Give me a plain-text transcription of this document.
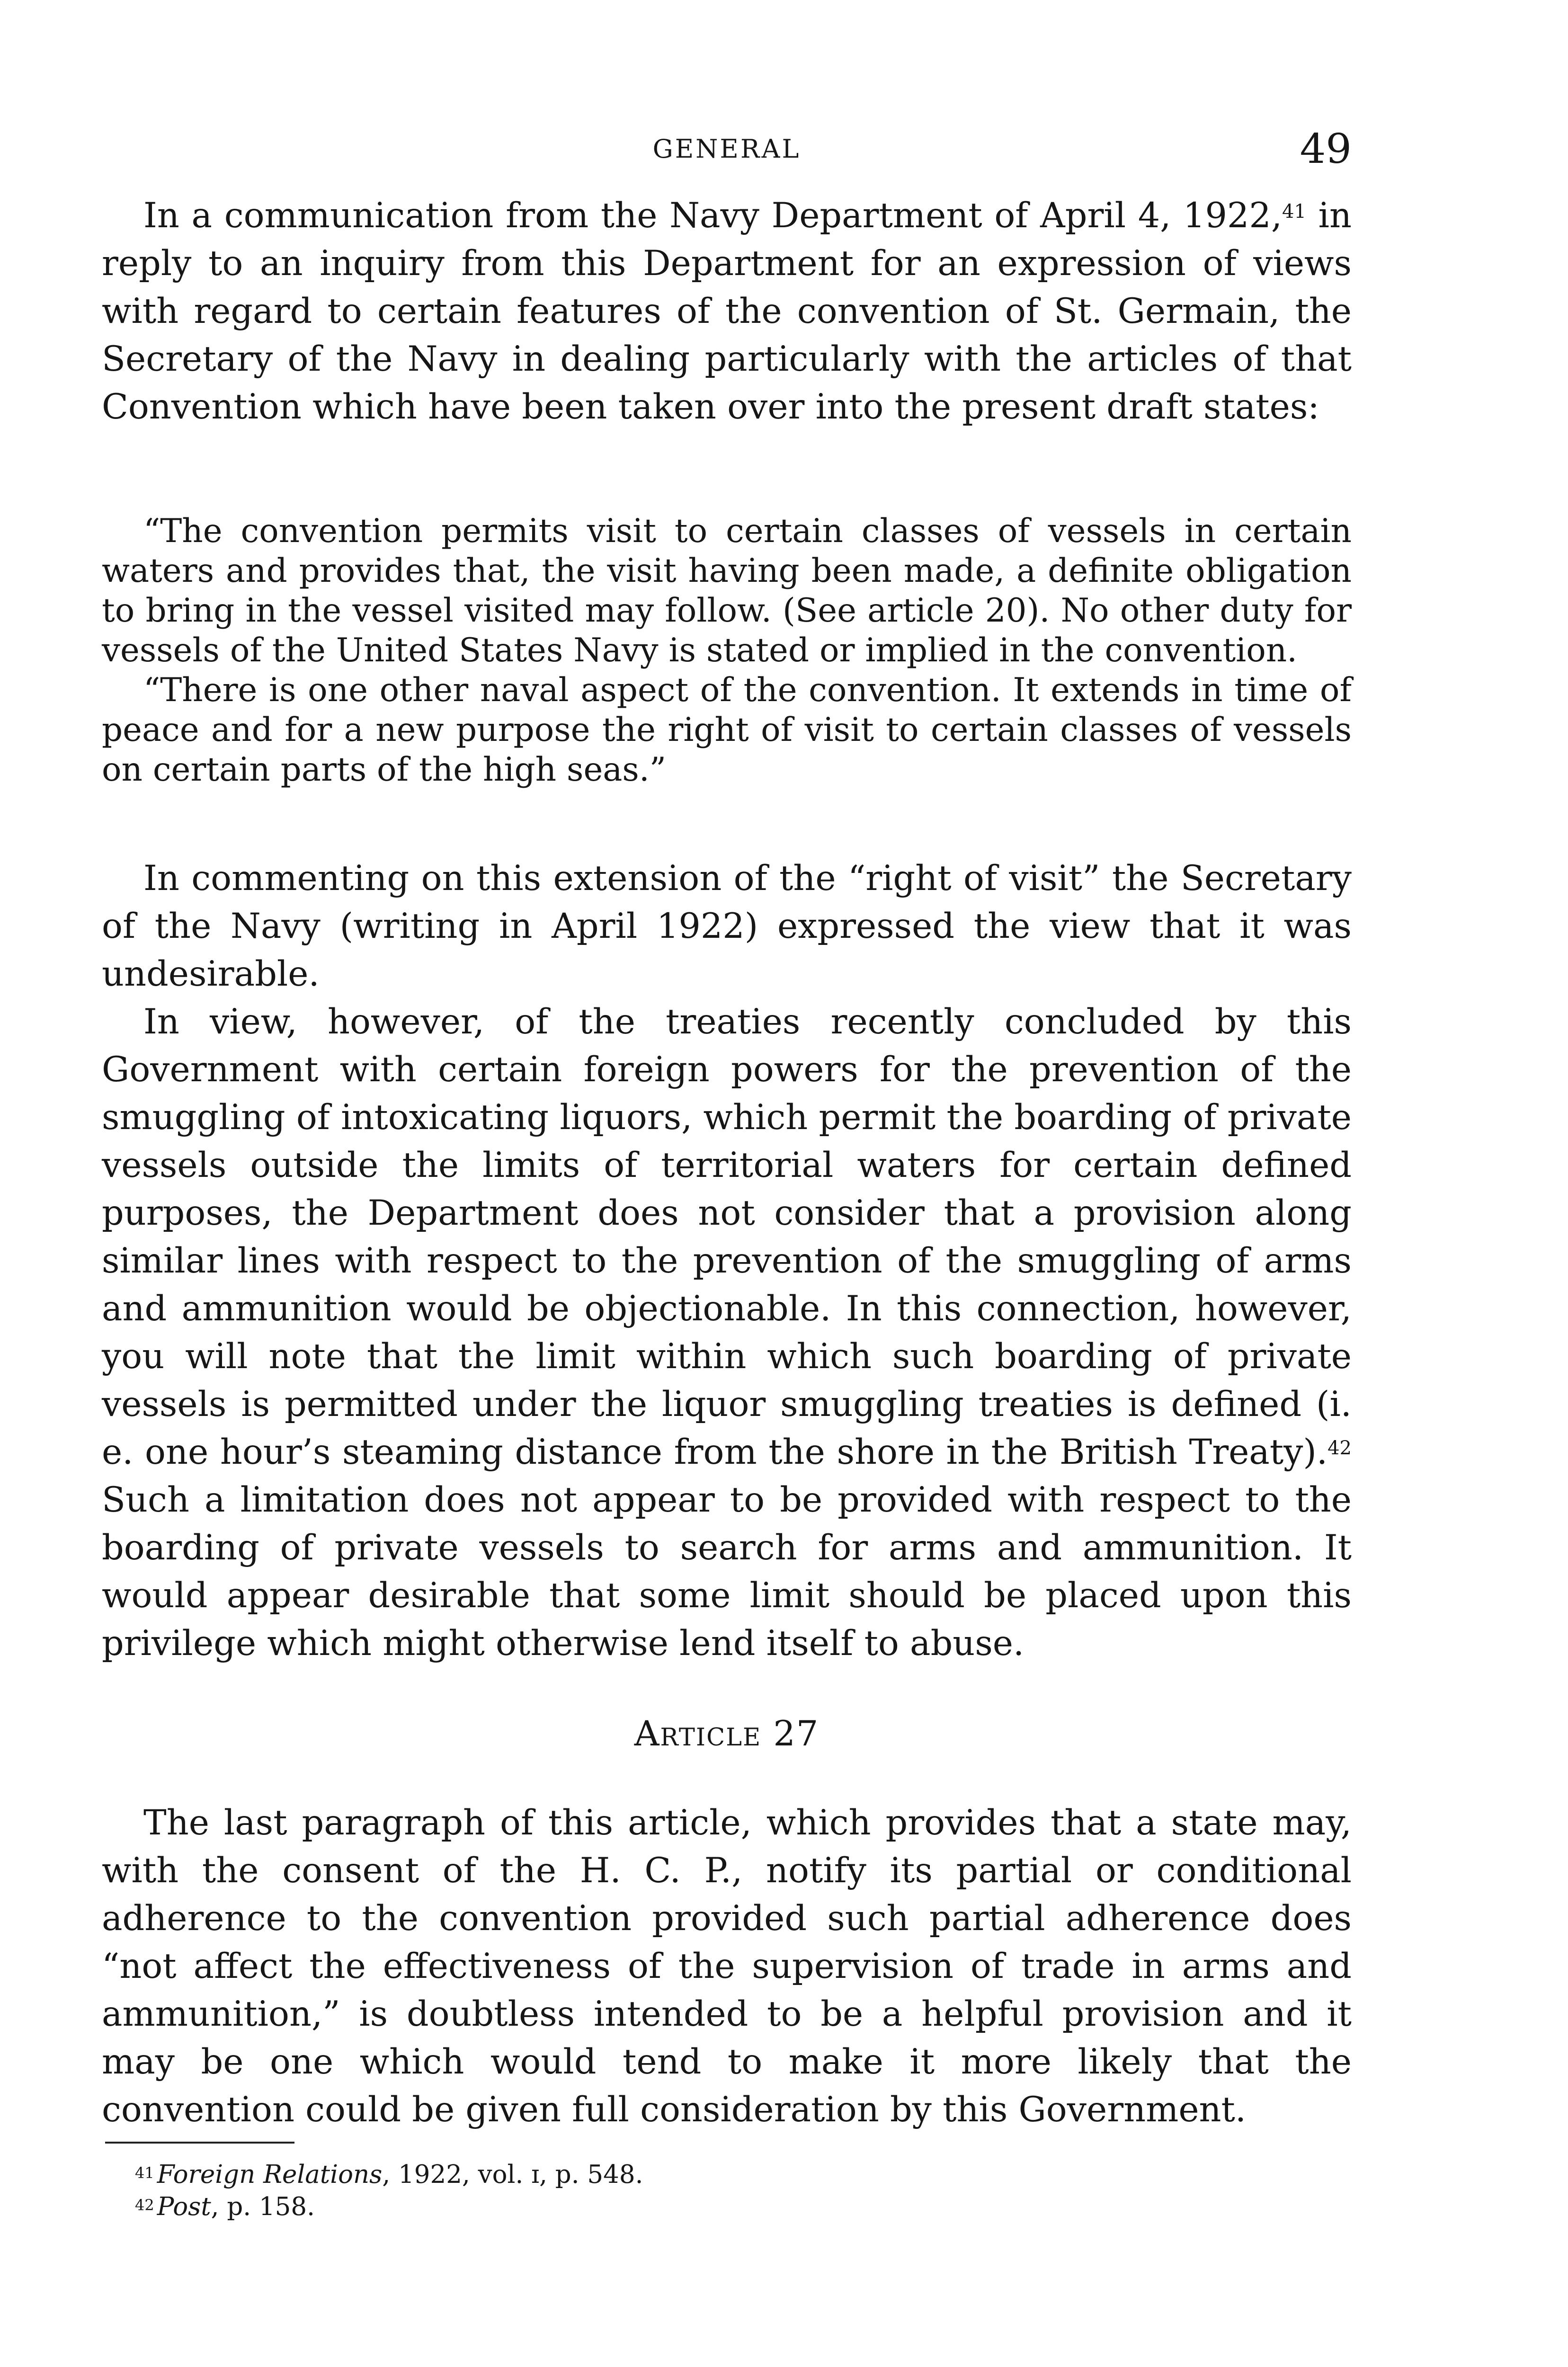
GENERAL	49

In a communication from the Navy Department of April 4, 1922,41 in reply to an inquiry from this Department for an expression of views with regard to certain features of the convention of St. Germain, the Secretary of the Navy in dealing particularly with the articles of that Convention which have been taken over into the present draft states:

“The convention permits visit to certain classes of vessels in certain waters and provides that, the visit having been made, a definite obligation to bring in the vessel visited may follow. (See article 20). No other duty for vessels of the United States Navy is stated or implied in the convention.

“There is one other naval aspect of the convention. It extends in time of peace and for a new purpose the right of visit to certain classes of vessels on certain parts of the high seas.”

In commenting on this extension of the “right of visit” the Secretary of the Navy (writing in April 1922) expressed the view that it was undesirable.

In view, however, of the treaties recently concluded by this Government with certain foreign powers for the prevention of the smuggling of intoxicating liquors, which permit the boarding of private vessels outside the limits of territorial waters for certain defined purposes, the Department does not consider that a provision along similar lines with respect to the prevention of the smuggling of arms and ammunition would be objectionable. In this connection, however, you will note that the limit within which such boarding of private vessels is permitted under the liquor smuggling treaties is defined (i. e. one hour’s steaming distance from the shore in the British Treaty).$^{42}$ Such a limitation does not appear to be provided with respect to the boarding of private vessels to search for arms and ammunition. It would appear desirable that some limit should be placed upon this privilege which might otherwise lend itself to abuse.

Article 27

The last paragraph of this article, which provides that a state may, with the consent of the H. C. P., notify its partial or conditional adherence to the convention provided such partial adherence does “not affect the effectiveness of the supervision of trade in arms and ammunition,” is doubtless intended to be a helpful provision and it may be one which would tend to make it more likely that the convention could be given full consideration by this Government.

$^{41}$ Foreign Relations, 1922, vol. ɪ, p. 548.
$^{42}$ Post, p. 158.
